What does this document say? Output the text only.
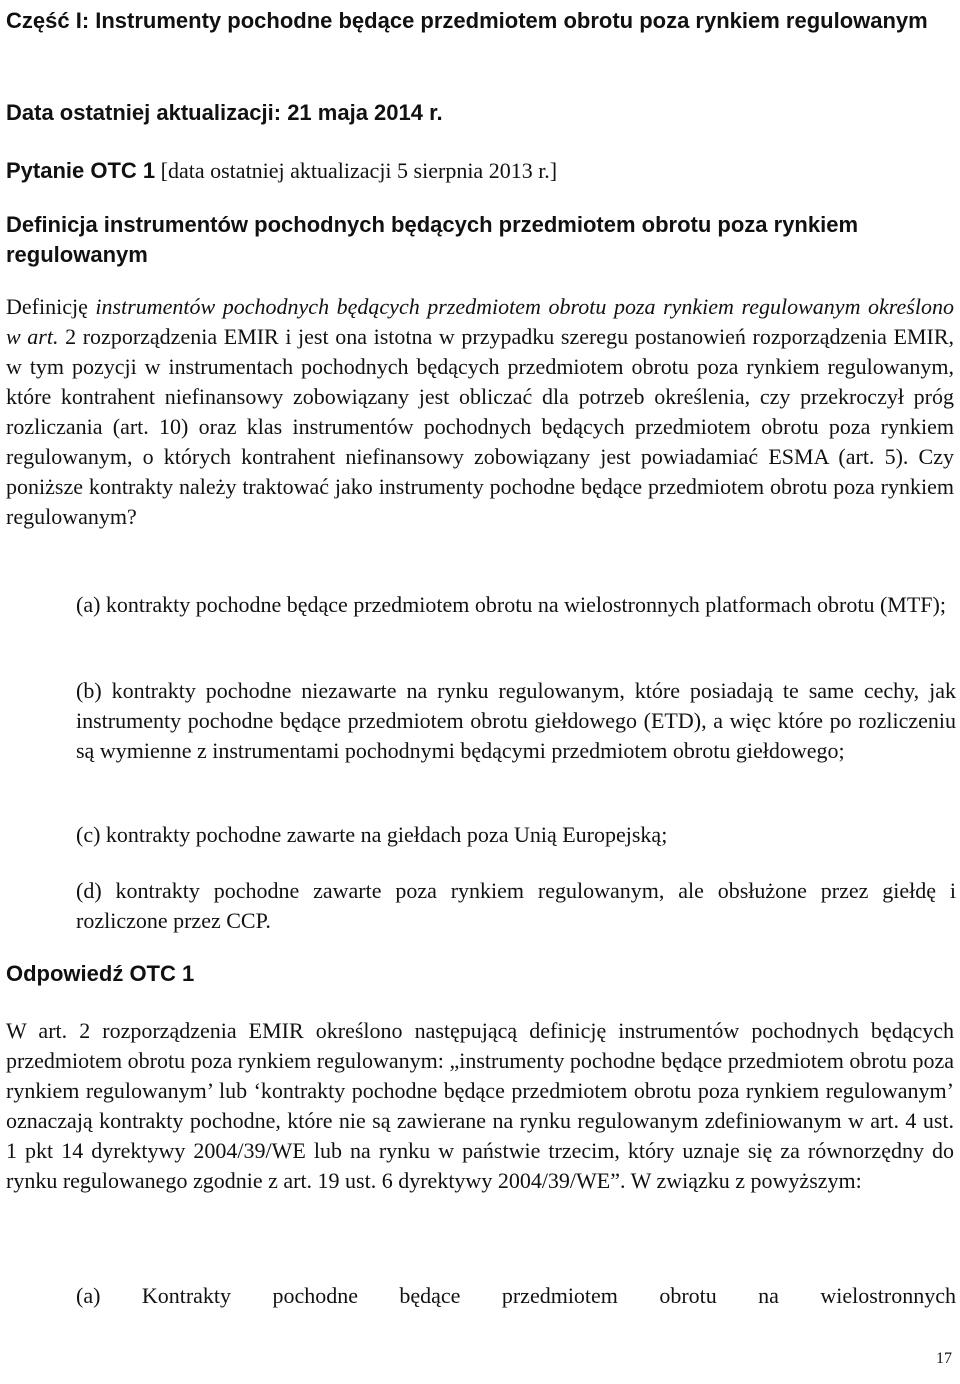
Część I: Instrumenty pochodne będące przedmiotem obrotu poza rynkiem regulowanym
Data ostatniej aktualizacji: 21 maja 2014 r.
Pytanie OTC 1 [data ostatniej aktualizacji 5 sierpnia 2013 r.]
Definicja instrumentów pochodnych będących przedmiotem obrotu poza rynkiem regulowanym

Definicję instrumentów pochodnych będących przedmiotem obrotu poza rynkiem regulowanym określono w art. 2 rozporządzenia EMIR i jest ona istotna w przypadku szeregu postanowień rozporządzenia EMIR, w tym pozycji w instrumentach pochodnych będących przedmiotem obrotu poza rynkiem regulowanym, które kontrahent niefinansowy zobowiązany jest obliczać dla potrzeb określenia, czy przekroczył próg rozliczania (art. 10) oraz klas instrumentów pochodnych będących przedmiotem obrotu poza rynkiem regulowanym, o których kontrahent niefinansowy zobowiązany jest powiadamiać ESMA (art. 5). Czy poniższe kontrakty należy traktować jako instrumenty pochodne będące przedmiotem obrotu poza rynkiem regulowanym?

(a) kontrakty pochodne będące przedmiotem obrotu na wielostronnych platformach obrotu (MTF);

(b) kontrakty pochodne niezawarte na rynku regulowanym, które posiadają te same cechy, jak instrumenty pochodne będące przedmiotem obrotu giełdowego (ETD), a więc które po rozliczeniu są wymienne z instrumentami pochodnymi będącymi przedmiotem obrotu giełdowego;

(c) kontrakty pochodne zawarte na giełdach poza Unią Europejską;

(d) kontrakty pochodne zawarte poza rynkiem regulowanym, ale obsłużone przez giełdę i rozliczone przez CCP.

Odpowiedź OTC 1

W art. 2 rozporządzenia EMIR określono następującą definicję instrumentów pochodnych będących przedmiotem obrotu poza rynkiem regulowanym: „instrumenty pochodne będące przedmiotem obrotu poza rynkiem regulowanym’ lub ‘kontrakty pochodne będące przedmiotem obrotu poza rynkiem regulowanym’ oznaczają kontrakty pochodne, które nie są zawierane na rynku regulowanym zdefiniowanym w art. 4 ust. 1 pkt 14 dyrektywy 2004/39/WE lub na rynku w państwie trzecim, który uznaje się za równorzędny do rynku regulowanego zgodnie z art. 19 ust. 6 dyrektywy 2004/39/WE”. W związku z powyższym:

(a) Kontrakty pochodne będące przedmiotem obrotu na wielostronnych

17
